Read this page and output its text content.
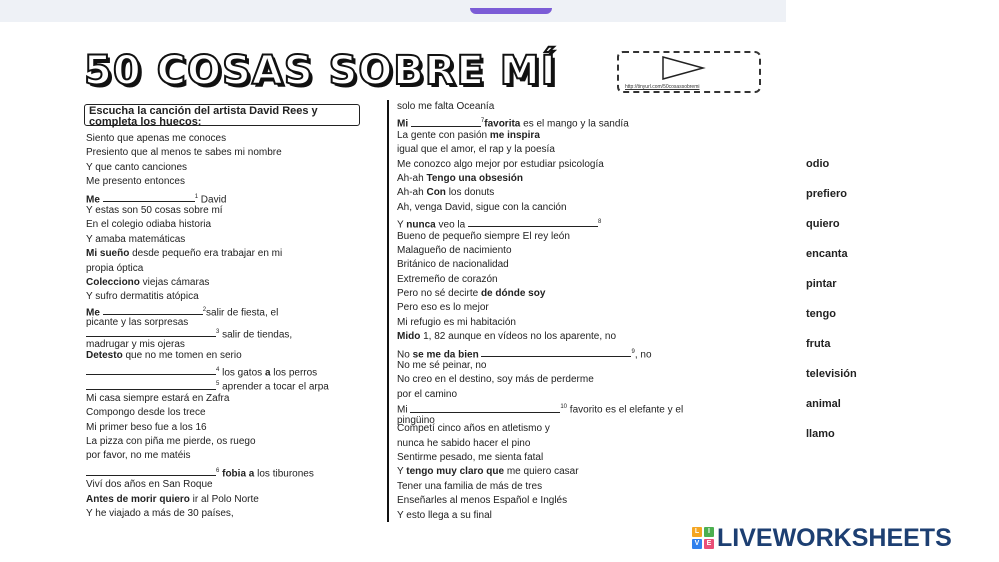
50 COSAS SOBRE MÍ	http://tinyurl.com/50cosassobremi
Escucha la canción del artista David Rees y completa los huecos:
Siento que apenas me conoces
Presiento que al menos te sabes mi nombre
Y que canto canciones
Me presento entonces
Me	$^1$ David
Y estas son 50 cosas sobre mí
En el colegio odiaba historia
Y amaba matemáticas
Mi sueño desde pequeño era trabajar en mi
propia óptica
Colecciono viejas cámaras
Y sufro dermatitis atópica
Me	$^2$salir de fiesta, el
picante y las sorpresas
$^3$ salir de tiendas,
madrugar y mis ojeras
Detesto que no me tomen en serio
$^4$ los gatos a los perros
$^5$ aprender a tocar el arpa
Mi casa siempre estará en Zafra
Compongo desde los trece
Mi primer beso fue a los 16
La pizza con piña me pierde, os ruego
por favor, no me matéis
$^6$ fobia a los tiburones
Viví dos años en San Roque
Antes de morir quiero ir al Polo Norte
Y he viajado a más de 30 países,
solo me falta Oceanía
Mi	$^7$favorita es el mango y la sandía
La gente con pasión me inspira
igual que el amor, el rap y la poesía
Me conozco algo mejor por estudiar psicología
Ah-ah Tengo una obsesión
Ah-ah Con los donuts
Ah, venga David, sigue con la canción
Y nunca veo la	$^8$
Bueno de pequeño siempre El rey león
Malagueño de nacimiento
Británico de nacionalidad
Extremeño de corazón
Pero no sé decirte de dónde soy
Pero eso es lo mejor
Mi refugio es mi habitación
Mido 1, 82 aunque en vídeos no los aparente, no
No se me da bien	$^9$, no
No me sé peinar, no
No creo en el destino, soy más de perderme
por el camino
Mi	$^{10}$ favorito es el elefante y el
pingüino
Competí cinco años en atletismo y
nunca he sabido hacer el pino
Sentirme pesado, me sienta fatal
Y tengo muy claro que me quiero casar
Tener una familia de más de tres
Enseñarles al menos Español e Inglés
Y esto llega a su final
odio
prefiero
quiero
encanta
pintar
tengo
fruta
televisión
animal
llamo
L	I
V	E LIVEWORKSHEETS
